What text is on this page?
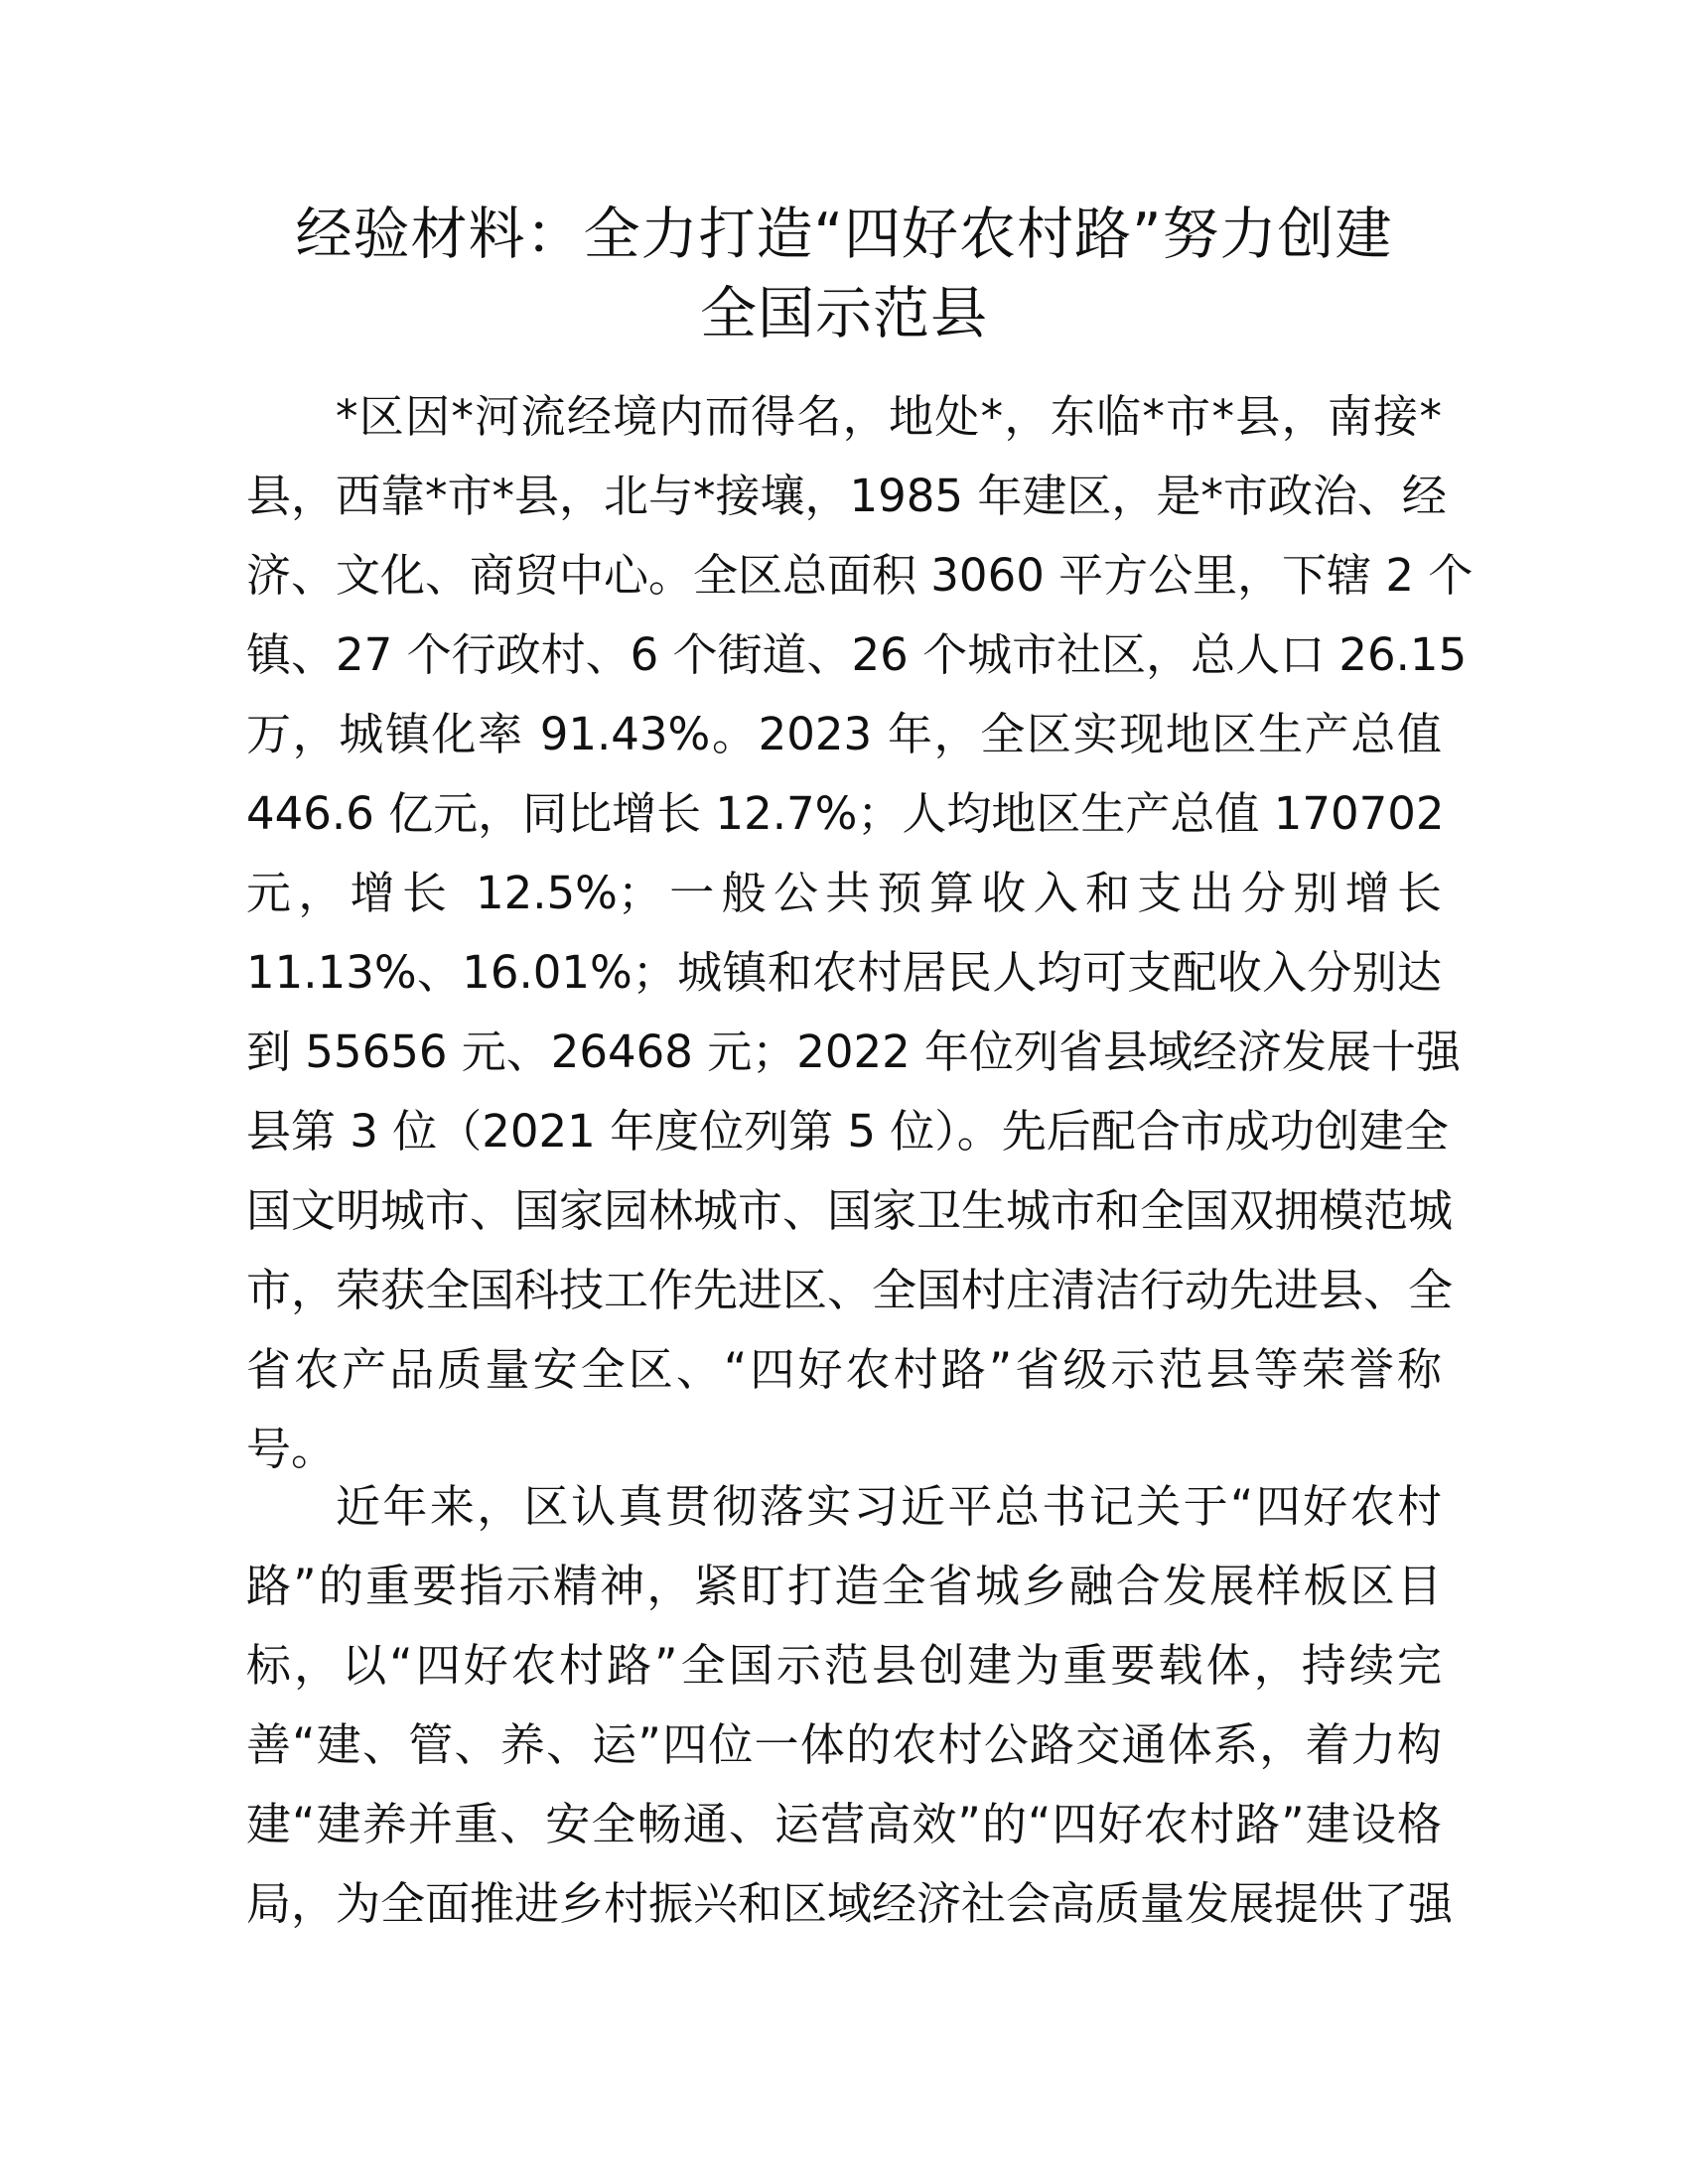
经验材料：全力打造“四好农村路”努力创建
全国示范县

*区因*河流经境内而得名，地处*，东临*市*县，南接*
县，西靠*市*县，北与*接壤，1985 年建区，是*市政治、经
济、文化、商贸中心。全区总面积 3060 平方公里，下辖 2 个
镇、27 个行政村、6 个街道、26 个城市社区，总人口 26.15
万，城镇化率 91.43%。2023 年，全区实现地区生产总值
446.6 亿元，同比增长 12.7%；人均地区生产总值 170702
元，增长 12.5%；一般公共预算收入和支出分别增长
11.13%、16.01%；城镇和农村居民人均可支配收入分别达
到 55656 元、26468 元；2022 年位列省县域经济发展十强
县第 3 位（2021 年度位列第 5 位）。先后配合市成功创建全
国文明城市、国家园林城市、国家卫生城市和全国双拥模范城
市，荣获全国科技工作先进区、全国村庄清洁行动先进县、全
省农产品质量安全区、“四好农村路”省级示范县等荣誉称
号。

近年来，区认真贯彻落实习近平总书记关于“四好农村
路”的重要指示精神，紧盯打造全省城乡融合发展样板区目
标，以“四好农村路”全国示范县创建为重要载体，持续完
善“建、管、养、运”四位一体的农村公路交通体系，着力构
建“建养并重、安全畅通、运营高效”的“四好农村路”建设格
局，为全面推进乡村振兴和区域经济社会高质量发展提供了强
